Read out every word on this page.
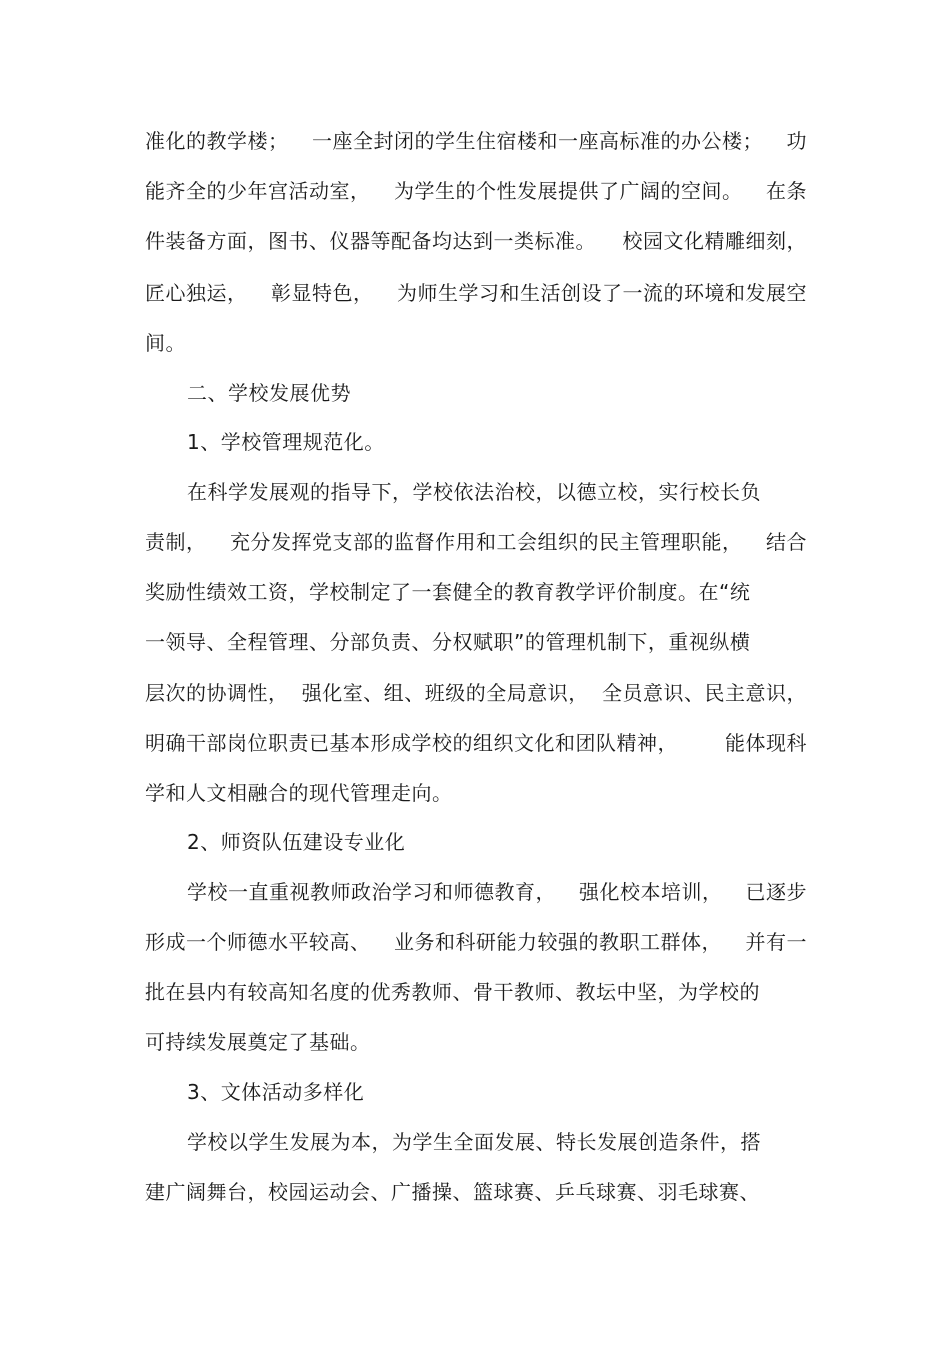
准化的教学楼； 一座全封闭的学生住宿楼和一座高标准的办公楼； 功
能齐全的少年宫活动室， 为学生的个性发展提供了广阔的空间。 在条
件装备方面，图书、仪器等配备均达到一类标准。 校园文化精雕细刻，
匠心独运， 彰显特色， 为师生学习和生活创设了一流的环境和发展空
间。
二、学校发展优势
1、学校管理规范化。
在科学发展观的指导下，学校依法治校，以德立校，实行校长负
责制， 充分发挥党支部的监督作用和工会组织的民主管理职能， 结合
奖励性绩效工资，学校制定了一套健全的教育教学评价制度。在“统
一领导、全程管理、分部负责、分权赋职”的管理机制下，重视纵横
层次的协调性， 强化室、组、班级的全局意识， 全员意识、民主意识，
明确干部岗位职责已基本形成学校的组织文化和团队精神， 能体现科
学和人文相融合的现代管理走向。
2、师资队伍建设专业化
学校一直重视教师政治学习和师德教育， 强化校本培训， 已逐步
形成一个师德水平较高、 业务和科研能力较强的教职工群体， 并有一
批在县内有较高知名度的优秀教师、骨干教师、教坛中坚，为学校的
可持续发展奠定了基础。
3、文体活动多样化
学校以学生发展为本，为学生全面发展、特长发展创造条件，搭
建广阔舞台，校园运动会、广播操、篮球赛、乒乓球赛、羽毛球赛、
